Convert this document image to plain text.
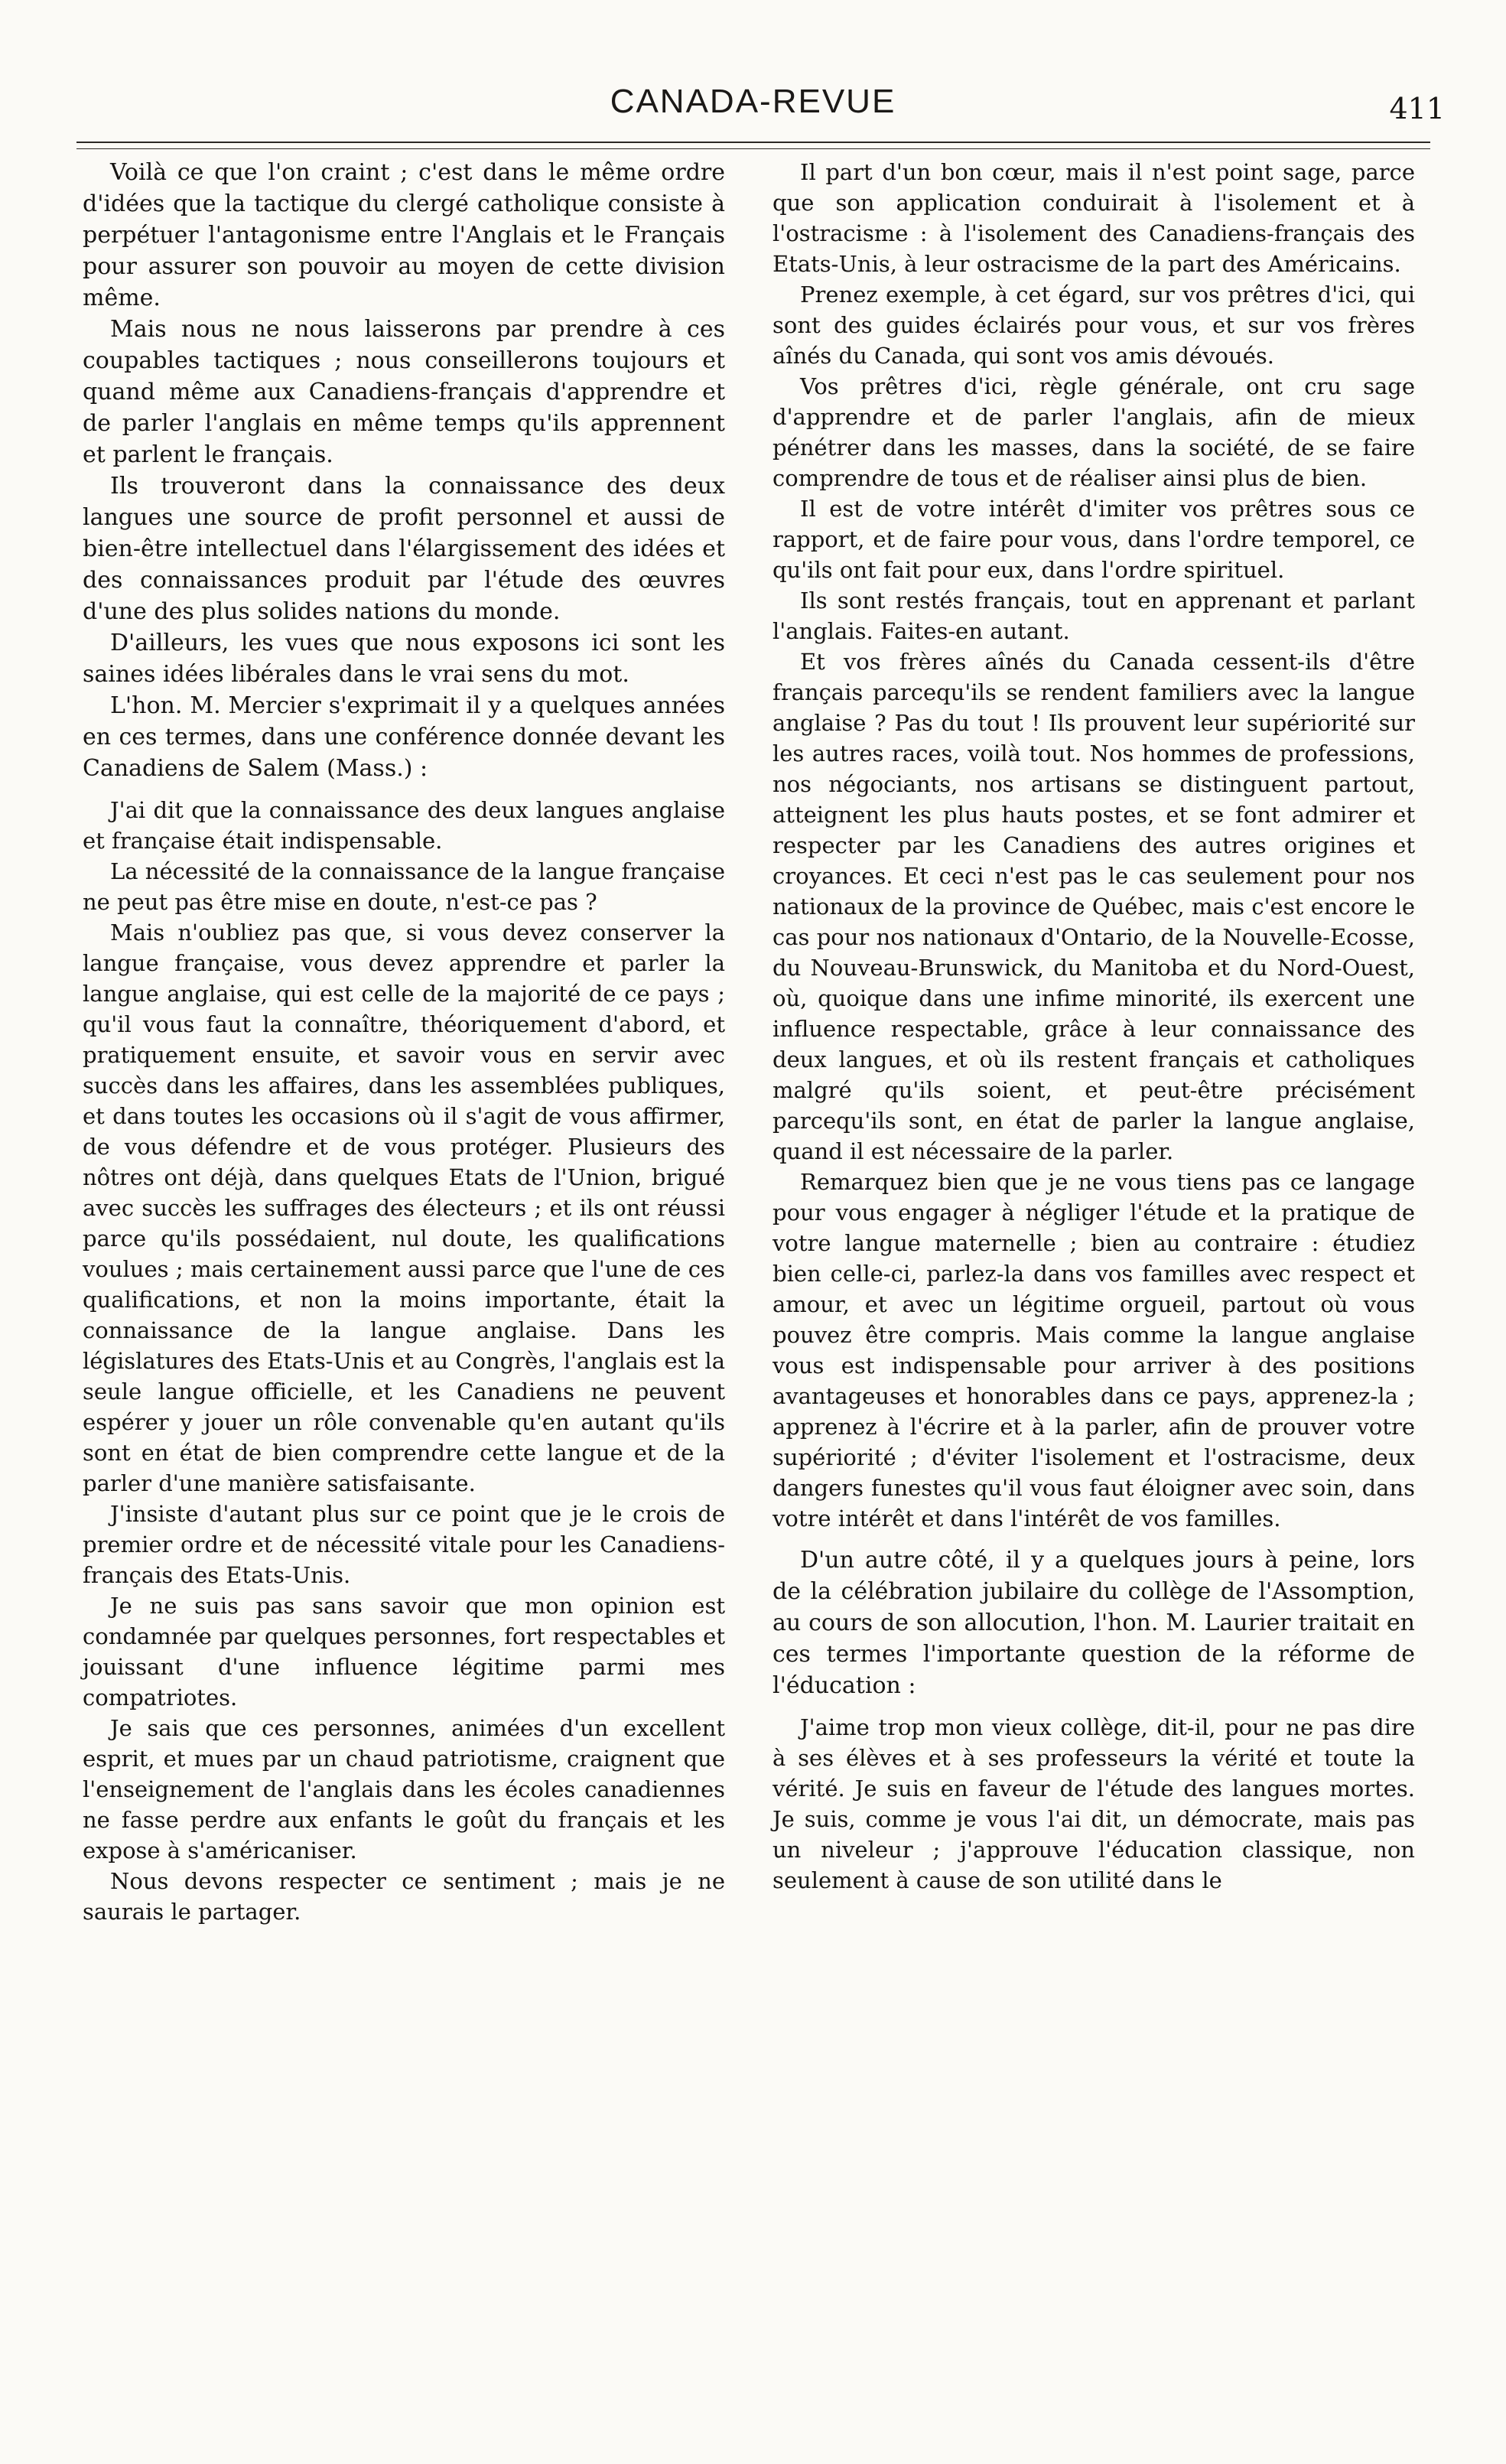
CANADA-REVUE	411

Voilà ce que l'on craint ; c'est dans le même ordre d'idées que la tactique du clergé catholique consiste à perpétuer l'antagonisme entre l'Anglais et le Français pour assurer son pouvoir au moyen de cette division même.

Mais nous ne nous laisserons par prendre à ces coupables tactiques ; nous conseillerons toujours et quand même aux Canadiens-français d'apprendre et de parler l'anglais en même temps qu'ils apprennent et parlent le français.

Ils trouveront dans la connaissance des deux langues une source de profit personnel et aussi de bien-être intellectuel dans l'élargissement des idées et des connaissances produit par l'étude des œuvres d'une des plus solides nations du monde.

D'ailleurs, les vues que nous exposons ici sont les saines idées libérales dans le vrai sens du mot.

L'hon. M. Mercier s'exprimait il y a quelques années en ces termes, dans une conférence donnée devant les Canadiens de Salem (Mass.) :

J'ai dit que la connaissance des deux langues anglaise et française était indispensable.

La nécessité de la connaissance de la langue française ne peut pas être mise en doute, n'est-ce pas ?

Mais n'oubliez pas que, si vous devez conserver la langue française, vous devez apprendre et parler la langue anglaise, qui est celle de la majorité de ce pays ; qu'il vous faut la connaître, théoriquement d'abord, et pratiquement ensuite, et savoir vous en servir avec succès dans les affaires, dans les assemblées publiques, et dans toutes les occasions où il s'agit de vous affirmer, de vous défendre et de vous protéger. Plusieurs des nôtres ont déjà, dans quelques Etats de l'Union, brigué avec succès les suffrages des électeurs ; et ils ont réussi parce qu'ils possédaient, nul doute, les qualifications voulues ; mais certainement aussi parce que l'une de ces qualifications, et non la moins importante, était la connaissance de la langue anglaise. Dans les législatures des Etats-Unis et au Congrès, l'anglais est la seule langue officielle, et les Canadiens ne peuvent espérer y jouer un rôle convenable qu'en autant qu'ils sont en état de bien comprendre cette langue et de la parler d'une manière satisfaisante.

J'insiste d'autant plus sur ce point que je le crois de premier ordre et de nécessité vitale pour les Canadiens-français des Etats-Unis.

Je ne suis pas sans savoir que mon opinion est condamnée par quelques personnes, fort respectables et jouissant d'une influence légitime parmi mes compatriotes.

Je sais que ces personnes, animées d'un excellent esprit, et mues par un chaud patriotisme, craignent que l'enseignement de l'anglais dans les écoles canadiennes ne fasse perdre aux enfants le goût du français et les expose à s'américaniser.

Nous devons respecter ce sentiment ; mais je ne saurais le partager.

Il part d'un bon cœur, mais il n'est point sage, parce que son application conduirait à l'isolement et à l'ostracisme : à l'isolement des Canadiens-français des Etats-Unis, à leur ostracisme de la part des Américains.

Prenez exemple, à cet égard, sur vos prêtres d'ici, qui sont des guides éclairés pour vous, et sur vos frères aînés du Canada, qui sont vos amis dévoués.

Vos prêtres d'ici, règle générale, ont cru sage d'apprendre et de parler l'anglais, afin de mieux pénétrer dans les masses, dans la société, de se faire comprendre de tous et de réaliser ainsi plus de bien.

Il est de votre intérêt d'imiter vos prêtres sous ce rapport, et de faire pour vous, dans l'ordre temporel, ce qu'ils ont fait pour eux, dans l'ordre spirituel.

Ils sont restés français, tout en apprenant et parlant l'anglais. Faites-en autant.

Et vos frères aînés du Canada cessent-ils d'être français parcequ'ils se rendent familiers avec la langue anglaise ? Pas du tout ! Ils prouvent leur supériorité sur les autres races, voilà tout. Nos hommes de professions, nos négociants, nos artisans se distinguent partout, atteignent les plus hauts postes, et se font admirer et respecter par les Canadiens des autres origines et croyances. Et ceci n'est pas le cas seulement pour nos nationaux de la province de Québec, mais c'est encore le cas pour nos nationaux d'Ontario, de la Nouvelle-Ecosse, du Nouveau-Brunswick, du Manitoba et du Nord-Ouest, où, quoique dans une infime minorité, ils exercent une influence respectable, grâce à leur connaissance des deux langues, et où ils restent français et catholiques malgré qu'ils soient, et peut-être précisément parcequ'ils sont, en état de parler la langue anglaise, quand il est nécessaire de la parler.

Remarquez bien que je ne vous tiens pas ce langage pour vous engager à négliger l'étude et la pratique de votre langue maternelle ; bien au contraire : étudiez bien celle-ci, parlez-la dans vos familles avec respect et amour, et avec un légitime orgueil, partout où vous pouvez être compris. Mais comme la langue anglaise vous est indispensable pour arriver à des positions avantageuses et honorables dans ce pays, apprenez-la ; apprenez à l'écrire et à la parler, afin de prouver votre supériorité ; d'éviter l'isolement et l'ostracisme, deux dangers funestes qu'il vous faut éloigner avec soin, dans votre intérêt et dans l'intérêt de vos familles.

D'un autre côté, il y a quelques jours à peine, lors de la célébration jubilaire du collège de l'Assomption, au cours de son allocution, l'hon. M. Laurier traitait en ces termes l'importante question de la réforme de l'éducation :

J'aime trop mon vieux collège, dit-il, pour ne pas dire à ses élèves et à ses professeurs la vérité et toute la vérité. Je suis en faveur de l'étude des langues mortes. Je suis, comme je vous l'ai dit, un démocrate, mais pas un niveleur ; j'approuve l'éducation classique, non seulement à cause de son utilité dans le
